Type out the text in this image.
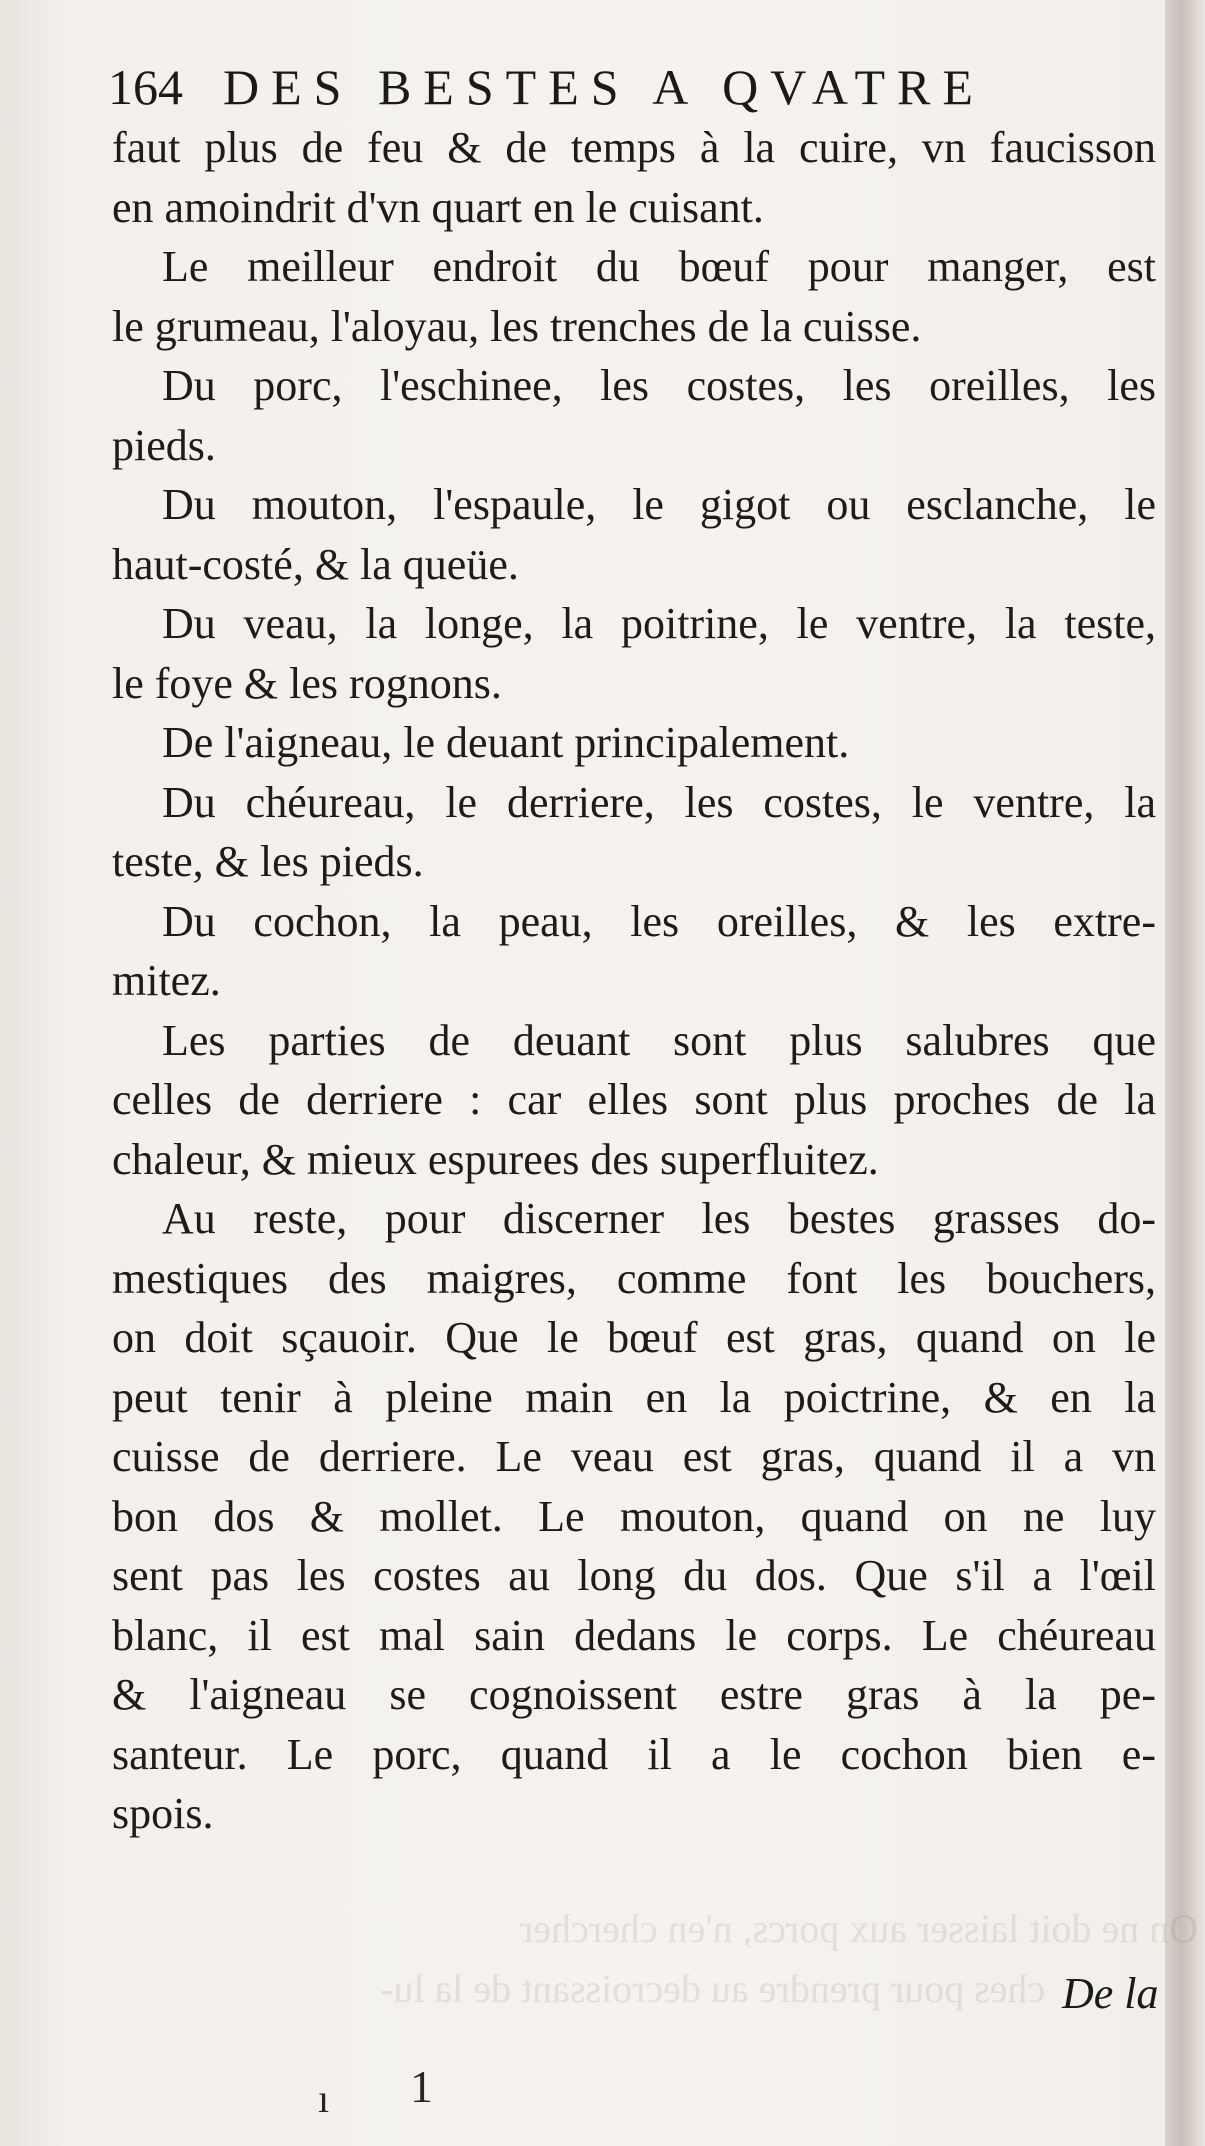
On ne doit laisser aux porcs, n'en chercher
ches pour prendre au decroissant de la lu-
ı 1
164 DES BESTES A QVATRE
faut plus de feu & de temps à la cuire, vn faucisson
en amoindrit d'vn quart en le cuisant.
Le meilleur endroit du bœuf pour manger, est
le grumeau, l'aloyau, les trenches de la cuisse.
Du porc, l'eschinee, les costes, les oreilles, les
pieds.
Du mouton, l'espaule, le gigot ou esclanche, le
haut-costé, & la queüe.
Du veau, la longe, la poitrine, le ventre, la teste,
le foye & les rognons.
De l'aigneau, le deuant principalement.
Du chéureau, le derriere, les costes, le ventre, la
teste, & les pieds.
Du cochon, la peau, les oreilles, & les extre-
mitez.
Les parties de deuant sont plus salubres que
celles de derriere : car elles sont plus proches de la
chaleur, & mieux espurees des superfluitez.
Au reste, pour discerner les bestes grasses do-
mestiques des maigres, comme font les bouchers,
on doit sçauoir. Que le bœuf est gras, quand on le
peut tenir à pleine main en la poictrine, & en la
cuisse de derriere. Le veau est gras, quand il a vn
bon dos & mollet. Le mouton, quand on ne luy
sent pas les costes au long du dos. Que s'il a l'œil
blanc, il est mal sain dedans le corps. Le chéureau
& l'aigneau se cognoissent estre gras à la pe-
santeur. Le porc, quand il a le cochon bien e-
spois.
De la
